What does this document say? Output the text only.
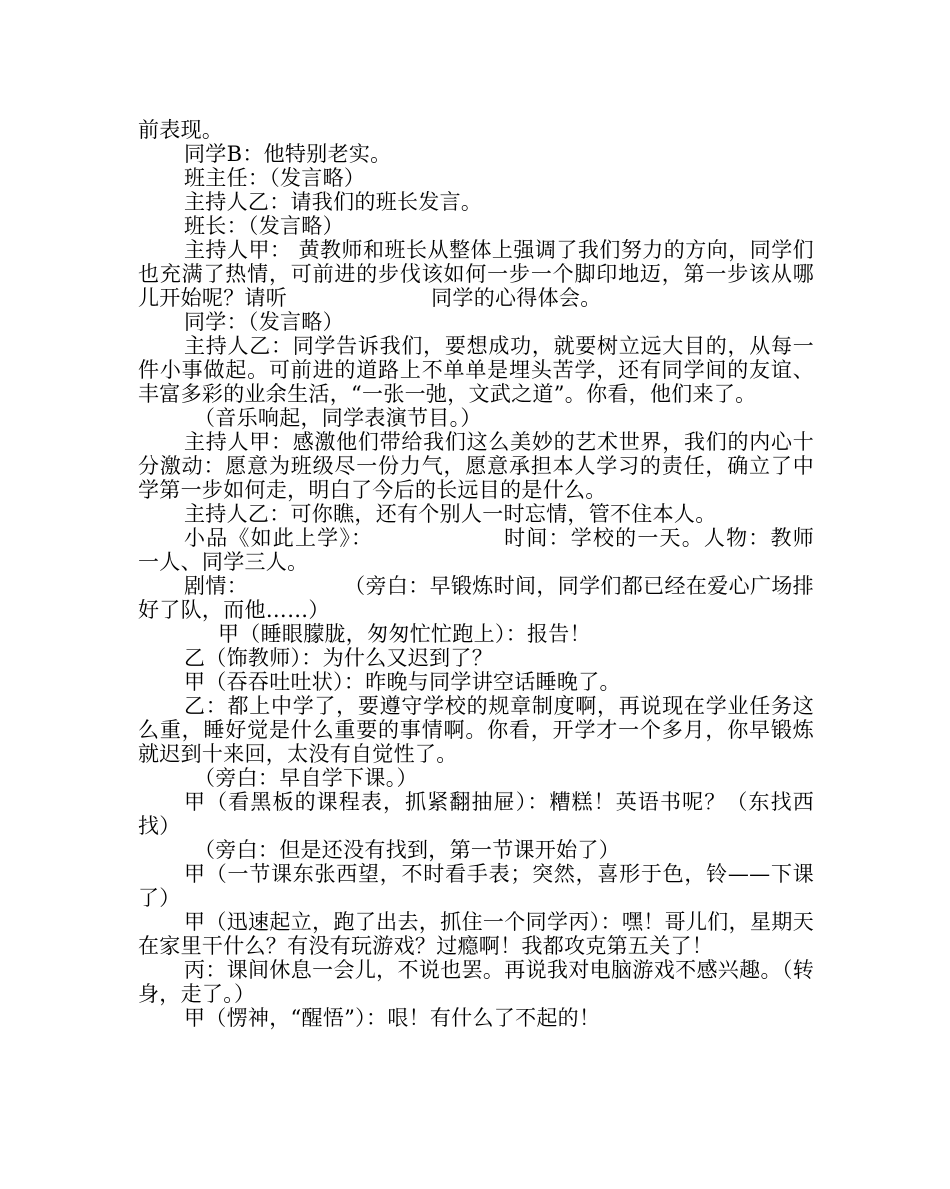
前表现。

同学B：他特别老实。

班主任：（发言略）

主持人乙：请我们的班长发言。

班长：（发言略）

主持人甲： 黄教师和班长从整体上强调了我们努力的方向，同学们也充满了热情，可前进的步伐该如何一步一个脚印地迈，第一步该从哪儿开始呢？请听	同学的心得体会。

同学：（发言略）

主持人乙：同学告诉我们，要想成功，就要树立远大目的，从每一件小事做起。可前进的道路上不单单是埋头苦学，还有同学间的友谊、丰富多彩的业余生活，“一张一弛，文武之道”。你看，他们来了。

（音乐响起，同学表演节目。）

主持人甲：感激他们带给我们这么美妙的艺术世界，我们的内心十分激动：愿意为班级尽一份力气，愿意承担本人学习的责任，确立了中学第一步如何走，明白了今后的长远目的是什么。

主持人乙：可你瞧，还有个别人一时忘情，管不住本人。

小品《如此上学》：	时间：学校的一天。人物：教师一人、同学三人。

剧情：	（旁白：早锻炼时间，同学们都已经在爱心广场排好了队，而他……）

甲（睡眼朦胧，匆匆忙忙跑上）：报告！

乙（饰教师）：为什么又迟到了？

甲（吞吞吐吐状）：昨晚与同学讲空话睡晚了。

乙：都上中学了，要遵守学校的规章制度啊，再说现在学业任务这么重，睡好觉是什么重要的事情啊。你看，开学才一个多月，你早锻炼就迟到十来回，太没有自觉性了。

（旁白：早自学下课。）

甲（看黑板的课程表，抓紧翻抽屉）：糟糕！英语书呢？（东找西找）

（旁白：但是还没有找到，第一节课开始了）

甲（一节课东张西望，不时看手表；突然，喜形于色，铃——下课了）

甲（迅速起立，跑了出去，抓住一个同学丙）：嘿！哥儿们，星期天在家里干什么？有没有玩游戏？过瘾啊！我都攻克第五关了！

丙：课间休息一会儿，不说也罢。再说我对电脑游戏不感兴趣。（转身，走了。）

甲（愣神，“醒悟”）：哏！有什么了不起的！
